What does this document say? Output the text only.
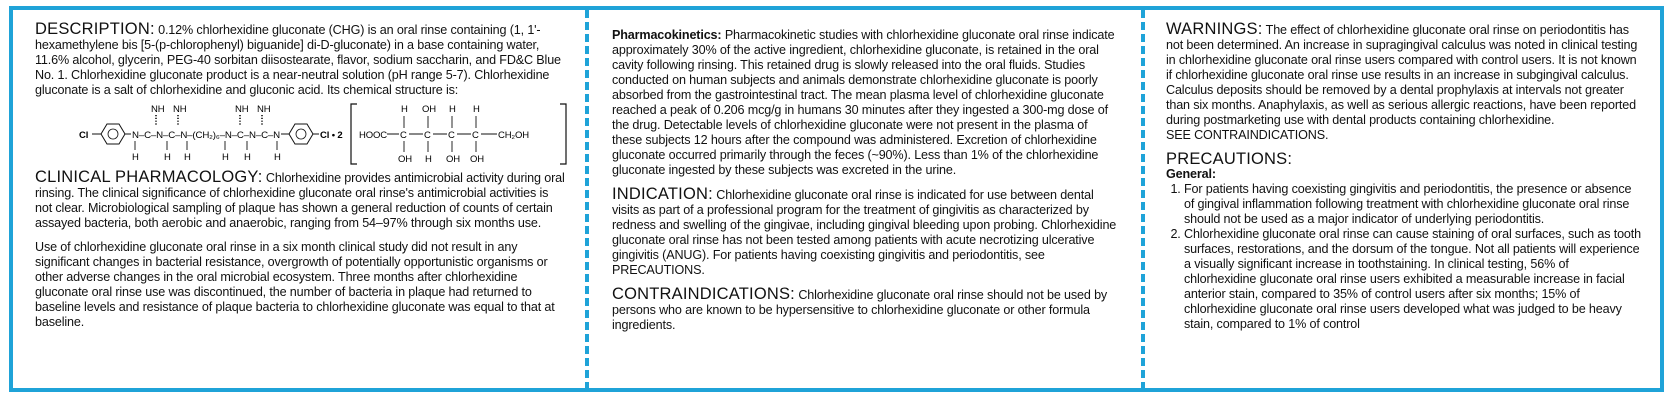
DESCRIPTION: 0.12% chlorhexidine gluconate (CHG) is an oral rinse containing (1, 1'-hexamethylene bis [5-(p-chlorophenyl) biguanide] di-D-gluconate) in a base containing water, 11.6% alcohol, glycerin, PEG-40 sorbitan diisostearate, flavor, sodium saccharin, and FD&C Blue No. 1. Chlorhexidine gluconate product is a near-neutral solution (pH range 5-7). Chlorhexidine gluconate is a salt of chlorhexidine and gluconic acid. Its chemical structure is:

Cl
NH NH	NH NH
N–C–N–C–N–(CH₂)₆–N–C–N–C–N
H	H H	H H H
Cl • 2 HOOC C C C C CH₂OH
H OH H H
OH H OH OH

CLINICAL PHARMACOLOGY: Chlorhexidine provides antimicrobial activity during oral rinsing. The clinical significance of chlorhexidine gluconate oral rinse's antimicrobial activities is not clear. Microbiological sampling of plaque has shown a general reduction of counts of certain assayed bacteria, both aerobic and anaerobic, ranging from 54–97% through six months use.

Use of chlorhexidine gluconate oral rinse in a six month clinical study did not result in any significant changes in bacterial resistance, overgrowth of potentially opportunistic organisms or other adverse changes in the oral microbial ecosystem. Three months after chlorhexidine gluconate oral rinse use was discontinued, the number of bacteria in plaque had returned to baseline levels and resistance of plaque bacteria to chlorhexidine gluconate was equal to that at baseline.

Pharmacokinetics: Pharmacokinetic studies with chlorhexidine gluconate oral rinse indicate approximately 30% of the active ingredient, chlorhexidine gluconate, is retained in the oral cavity following rinsing. This retained drug is slowly released into the oral fluids. Studies conducted on human subjects and animals demonstrate chlorhexidine gluconate is poorly absorbed from the gastrointestinal tract. The mean plasma level of chlorhexidine gluconate reached a peak of 0.206 mcg/g in humans 30 minutes after they ingested a 300-mg dose of the drug. Detectable levels of chlorhexidine gluconate were not present in the plasma of these subjects 12 hours after the compound was administered. Excretion of chlorhexidine gluconate occurred primarily through the feces (~90%). Less than 1% of the chlorhexidine gluconate ingested by these subjects was excreted in the urine.

INDICATION: Chlorhexidine gluconate oral rinse is indicated for use between dental visits as part of a professional program for the treatment of gingivitis as characterized by redness and swelling of the gingivae, including gingival bleeding upon probing. Chlorhexidine gluconate oral rinse has not been tested among patients with acute necrotizing ulcerative gingivitis (ANUG). For patients having coexisting gingivitis and periodontitis, see PRECAUTIONS.

CONTRAINDICATIONS: Chlorhexidine gluconate oral rinse should not be used by persons who are known to be hypersensitive to chlorhexidine gluconate or other formula ingredients.

WARNINGS: The effect of chlorhexidine gluconate oral rinse on periodontitis has not been determined. An increase in supragingival calculus was noted in clinical testing in chlorhexidine gluconate oral rinse users compared with control users. It is not known if chlorhexidine gluconate oral rinse use results in an increase in subgingival calculus. Calculus deposits should be removed by a dental prophylaxis at intervals not greater than six months. Anaphylaxis, as well as serious allergic reactions, have been reported during postmarketing use with dental products containing chlorhexidine.

SEE CONTRAINDICATIONS.

PRECAUTIONS:

General:

1. For patients having coexisting gingivitis and periodontitis, the presence or absence of gingival inflammation following treatment with chlorhexidine gluconate oral rinse should not be used as a major indicator of underlying periodontitis.
2. Chlorhexidine gluconate oral rinse can cause staining of oral surfaces, such as tooth surfaces, restorations, and the dorsum of the tongue. Not all patients will experience a visually significant increase in toothstaining. In clinical testing, 56% of chlorhexidine gluconate oral rinse users exhibited a measurable increase in facial anterior stain, compared to 35% of control users after six months; 15% of chlorhexidine gluconate oral rinse users developed what was judged to be heavy stain, compared to 1% of control
